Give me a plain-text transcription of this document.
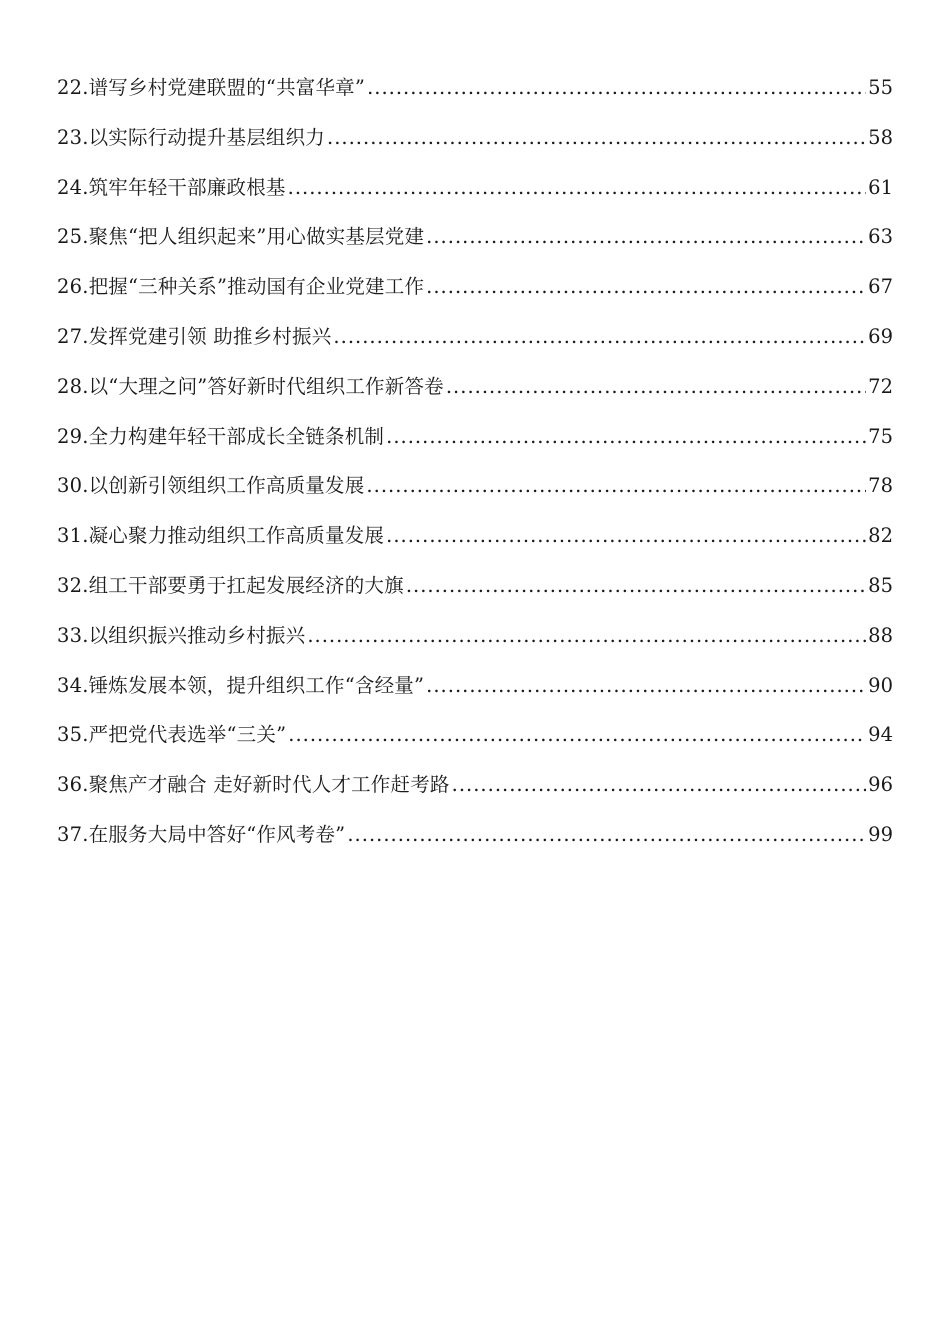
22.谱写乡村党建联盟的“共富华章” .....	55
23.以实际行动提升基层组织力 .....	58
24.筑牢年轻干部廉政根基 .....	61
25.聚焦“把人组织起来”用心做实基层党建 .....	63
26.把握“三种关系”推动国有企业党建工作 .....	67
27.发挥党建引领 助推乡村振兴 .....	69
28.以“大理之问”答好新时代组织工作新答卷 .....	72
29.全力构建年轻干部成长全链条机制 .....	75
30.以创新引领组织工作高质量发展 .....	78
31.凝心聚力推动组织工作高质量发展 .....	82
32.组工干部要勇于扛起发展经济的大旗 .....	85
33.以组织振兴推动乡村振兴 .....	88
34.锤炼发展本领，提升组织工作“含经量” .....	90
35.严把党代表选举“三关” .....	94
36.聚焦产才融合 走好新时代人才工作赶考路 .....	96
37.在服务大局中答好“作风考卷” .....	99
